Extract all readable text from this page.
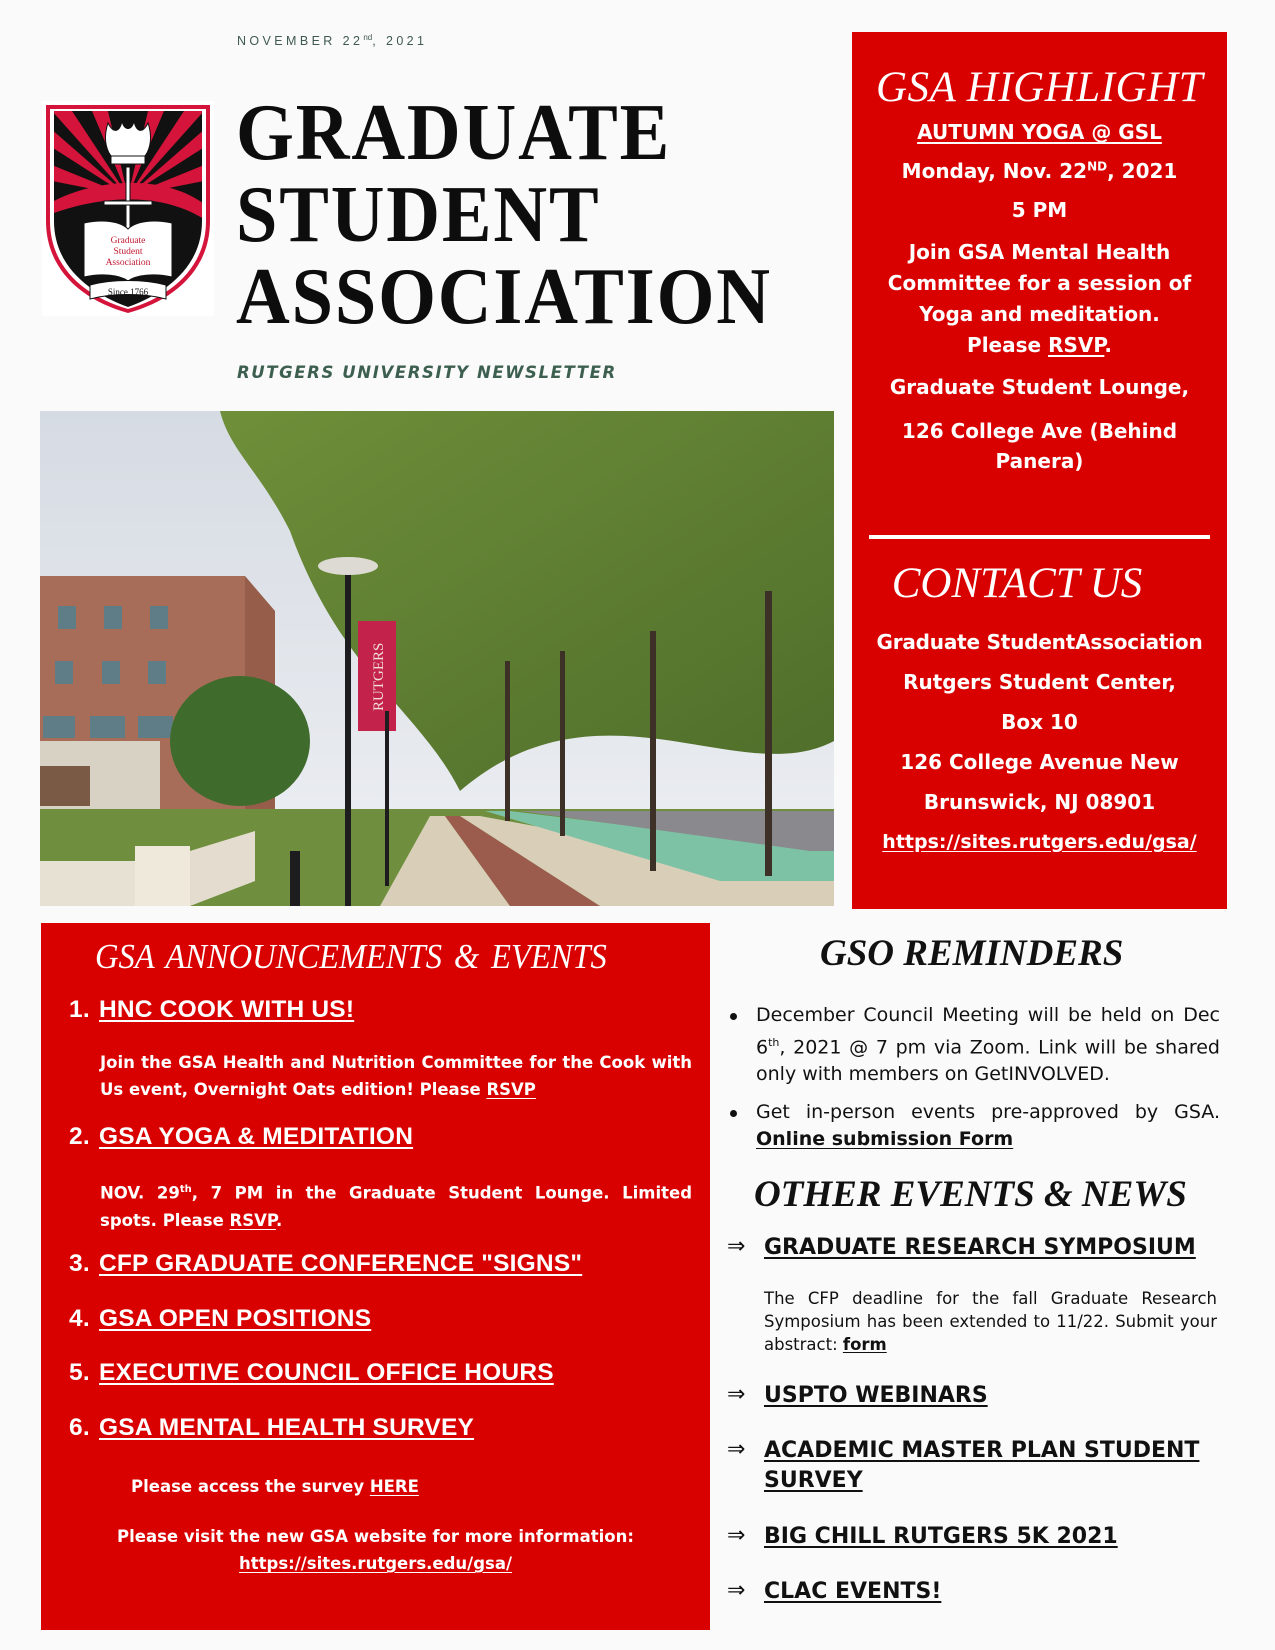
NOVEMBER 22nd, 2021
Graduate
Student
Association
Since 1766
GRADUATE
STUDENT
ASSOCIATION
RUTGERS UNIVERSITY NEWSLETTER
RUTGERS
GSA HIGHLIGHT
AUTUMN YOGA @ GSL
Monday, Nov. 22ND, 2021
5 PM
Join GSA Mental Health
Committee for a session of
Yoga and meditation.
Please RSVP.
Graduate Student Lounge,
126 College Ave (Behind
Panera)
CONTACT US
Graduate StudentAssociation
Rutgers Student Center,
Box 10
126 College Avenue New
Brunswick, NJ 08901
https://sites.rutgers.edu/gsa/
GSA ANNOUNCEMENTS & EVENTS
1. HNC COOK WITH US!
Join the GSA Health and Nutrition Committee for the Cook with Us event, Overnight Oats edition! Please RSVP
2. GSA YOGA & MEDITATION
NOV. 29th, 7 PM in the Graduate Student Lounge. Limited spots. Please RSVP.
3. CFP GRADUATE CONFERENCE "SIGNS"
4. GSA OPEN POSITIONS
5. EXECUTIVE COUNCIL OFFICE HOURS
6. GSA MENTAL HEALTH SURVEY
Please access the survey HERE
Please visit the new GSA website for more information:
https://sites.rutgers.edu/gsa/
GSO REMINDERS
December Council Meeting will be held on Dec 6th, 2021 @ 7 pm via Zoom. Link will be shared only with members on GetINVOLVED.
Get in-person events pre-approved by GSA. Online submission Form
OTHER EVENTS & NEWS
⇒ GRADUATE RESEARCH SYMPOSIUM
The CFP deadline for the fall Graduate Research Symposium has been extended to 11/22. Submit your abstract: form
⇒ USPTO WEBINARS
⇒ ACADEMIC MASTER PLAN STUDENT SURVEY
⇒ BIG CHILL RUTGERS 5K 2021
⇒ CLAC EVENTS!
